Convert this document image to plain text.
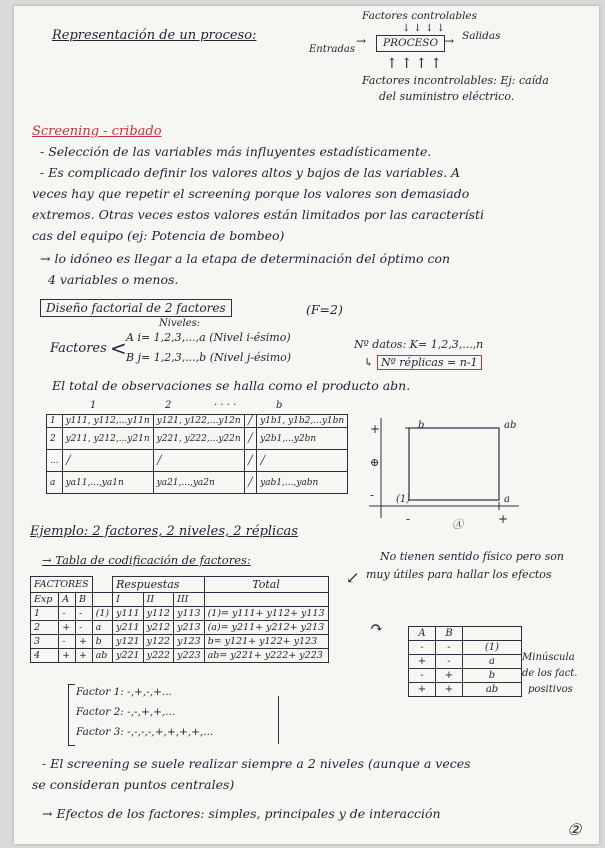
Representación de un proceso:
Factores controlables
↓ ↓ ↓ ↓
Entradas
PROCESO
→	→ Salidas
↑↑↑↑
Factores incontrolables: Ej: caída
del suministro eléctrico.
Screening - cribado
- Selección de las variables más influyentes estadísticamente.
- Es complicado definir los valores altos y bajos de las variables. A
veces hay que repetir el screening porque los valores son demasiado
extremos. Otras veces estos valores están limitados por las característi
cas del equipo (ej: Potencia de bombeo)
→ lo idóneo es llegar a la etapa de determinación del óptimo con
4 variables o menos.
Diseño factorial de 2 factores	(F=2)
Niveles:
Factores < A i= 1,2,3,...,a (Nivel i-ésimo)
B j= 1,2,3,...,b (Nivel j-ésimo)
Nº datos: K= 1,2,3,...,n
↳ Nº réplicas = n-1
El total de observaciones se halla como el producto abn.
1	2	· · · ·	b
1	y111, y112,...y11n	y121, y122,...y12n	╱	y1b1, y1b2,...y1bn
2	y211, y212,...y21n	y221, y222,...y22n	╱	y2b1,...y2bn
...	╱	╱	╱	╱
a	ya11,...,ya1n	ya21,...,ya2n	╱	yab1,...,yabn
b	ab
(1)	a
+
-
-	+
⊕
Ⓐ
Ejemplo: 2 factores, 2 niveles, 2 réplicas
→ Tabla de codificación de factores:	No tienen sentido físico pero son
muy útiles para hallar los efectos
↙
FACTORES				Respuestas			Total
Exp	A	B		I	II	III	
1	-	-	(1)	y111	y112	y113	(1)= y111+ y112+ y113
2	+	-	a	y211	y212	y213	(a)= y211+ y212+ y213
3	-	+	b	y121	y122	y123	b= y121+ y122+ y123
4	+	+	ab	y221	y222	y223	ab= y221+ y222+ y223
Factor 1: -,+,-,+...
Factor 2: -,-,+,+,...
Factor 3: -,-,-,-,+,+,+,+,...
↷	A	B	
-	-	(1)
+	-	a
-	+	b
+	+	ab
Minúscula
de los fact.
positivos
- El screening se suele realizar siempre a 2 niveles (aunque a veces
se consideran puntos centrales)
→ Efectos de los factores: simples, principales y de interacción
②
